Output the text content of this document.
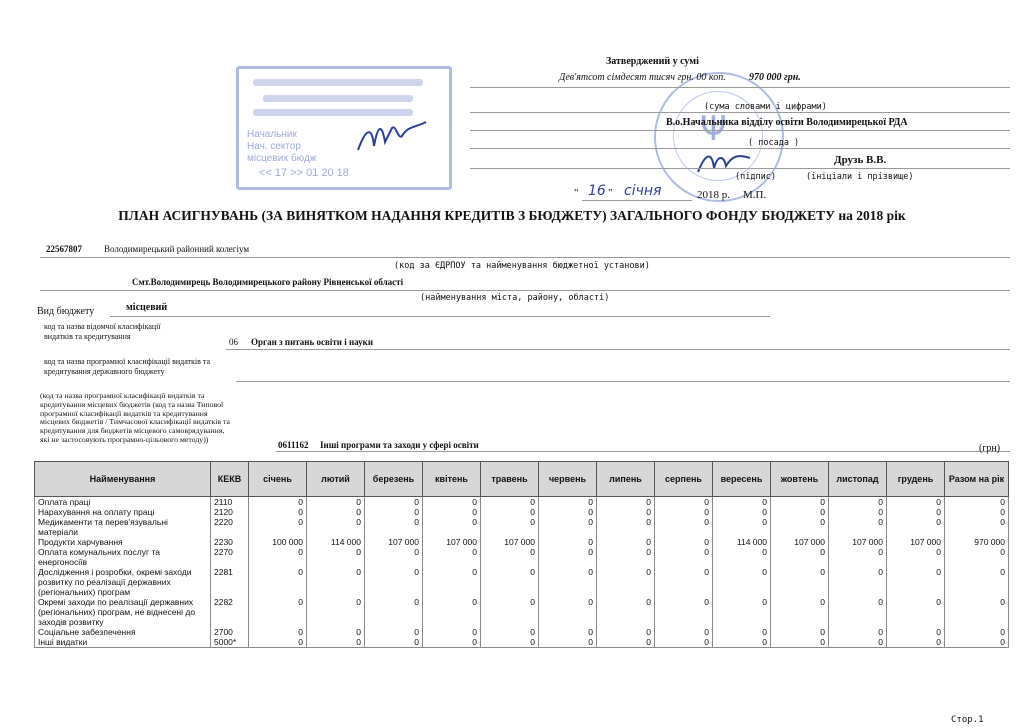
Начальник
Нач. сектор
місцевих бюдж
<< 17 >> 01 20 18
Ψ
Затверджений у сумі
Дев'ятсот сімдесят тисяч грн. 00 коп. 970 000 грн.
(сума словами і цифрами)
В.о.Начальника відділу освіти Володимирецької РДА
( посада )
Друзь В.В.
(підпис)	(ініціали і прізвище)
" 16 " січня	2018 р. М.П.
ПЛАН АСИГНУВАНЬ (ЗА ВИНЯТКОМ НАДАННЯ КРЕДИТІВ З БЮДЖЕТУ) ЗАГАЛЬНОГО ФОНДУ БЮДЖЕТУ на 2018 рік
22567807 Володимирецький районний колегіум
(код за ЄДРПОУ та найменування бюджетної установи)
Смт.Володимирець Володимирецького району Рівненської області
(найменування міста, району, області)
Вид бюджету	місцевий
код та назва відомчої класифікації
видатків та кредитування
06 Орган з питань освіти і науки
код та назва програмної класифікації видатків та
кредитування державного бюджету
(код та назва програмної класифікації видатків та
кредитування місцевих бюджетів (код та назва Типової
програмної класифікації видатків та кредитування
місцевих бюджетів / Тимчасової класифікації видатків та
кредитування для бюджетів місцевого самоврядування,
які не застосовують програмно-цільового методу))
0611162 Інші програми та заходи у сфері освіти	(грн)
Найменування	КЕКВ	січень	лютий	березень	квітень	травень	червень	липень	серпень	вересень	жовтень	листопад	грудень	Разом на рік
Оплата праці	2110	0	0	0	0	0	0	0	0	0	0	0	0	0
Нарахування на оплату праці	2120	0	0	0	0	0	0	0	0	0	0	0	0	0
Медикаменти та перев'язувальні матеріали	2220	0	0	0	0	0	0	0	0	0	0	0	0	0
Продукти харчування	2230	100 000	114 000	107 000	107 000	107 000	0	0	0	114 000	107 000	107 000	107 000	970 000
Оплата комунальних послуг та енергоносіїв	2270	0	0	0	0	0	0	0	0	0	0	0	0	0
Дослідження і розробки, окремі заходи розвитку по реалізації державних (регіональних) програм	2281	0	0	0	0	0	0	0	0	0	0	0	0	0
Окремі заходи по реалізації державних (регіональних) програм, не віднесені до заходів розвитку	2282	0	0	0	0	0	0	0	0	0	0	0	0	0
Соціальне забезпечення	2700	0	0	0	0	0	0	0	0	0	0	0	0	0
Інші видатки	5000*	0	0	0	0	0	0	0	0	0	0	0	0	0
Стор.1
